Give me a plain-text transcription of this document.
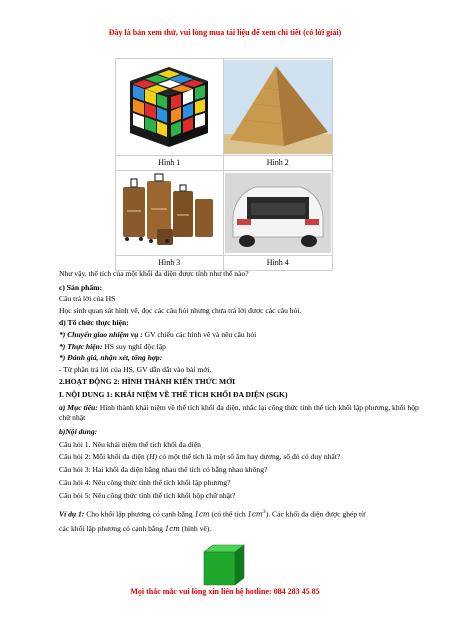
Đây là bản xem thử, vui lòng mua tài liệu để xem chi tiết (có lời giải)

Hình 1	Hình 2

Hình 3	Hình 4
Như vậy, thể tích của một khối đa diện được tính như thế nào?
c) Sản phẩm:
Câu trả lời của HS
Học sinh quan sát hình vẽ, đọc các câu hỏi nhưng chưa trả lời được các câu hỏi.
d) Tổ chức thực hiện:
*) Chuyển giao nhiệm vụ : GV chiếu các hình vẽ và nêu câu hỏi
*) Thực hiện: HS suy nghĩ độc lập
*) Đánh giá, nhận xét, tổng hợp:
- Từ phần trả lời của HS, GV dẫn dắt vào bài mới.
2.HOẠT ĐỘNG 2: HÌNH THÀNH KIẾN THỨC MỚI
I. NỘI DUNG 1: KHÁI NIỆM VỀ THỂ TÍCH KHỐI ĐA DIỆN (SGK)
a) Mục tiêu: Hình thành khái niệm về thể tích khối đa diện, nhắc lại công thức tính thể tích khối lập phương, khối hộp chữ nhật
b)Nội dung:
Câu hỏi 1. Nêu khái niệm thể tích khối đa diện
Câu hỏi 2: Mỗi khối đa diện (H) có một thể tích là một số âm hay dương, số đó có duy nhất?
Câu hỏi 3: Hai khối đa diện bằng nhau thể tích có bằng nhau không?
Câu hỏi 4: Nêu công thức tính thể tích khối lập phương?
Câu hỏi 5: Nêu công thức tính thể tích khối hộp chữ nhật?
Ví dụ 1: Cho khối lập phương có cạnh bằng 1cm (có thể tích $1cm^3$). Các khối đa diện được ghép từ
các khối lập phương có cạnh bằng 1cm (hình vẽ).
Mọi thắc mắc vui lòng xin liên hệ hotline: 084 283 45 85
